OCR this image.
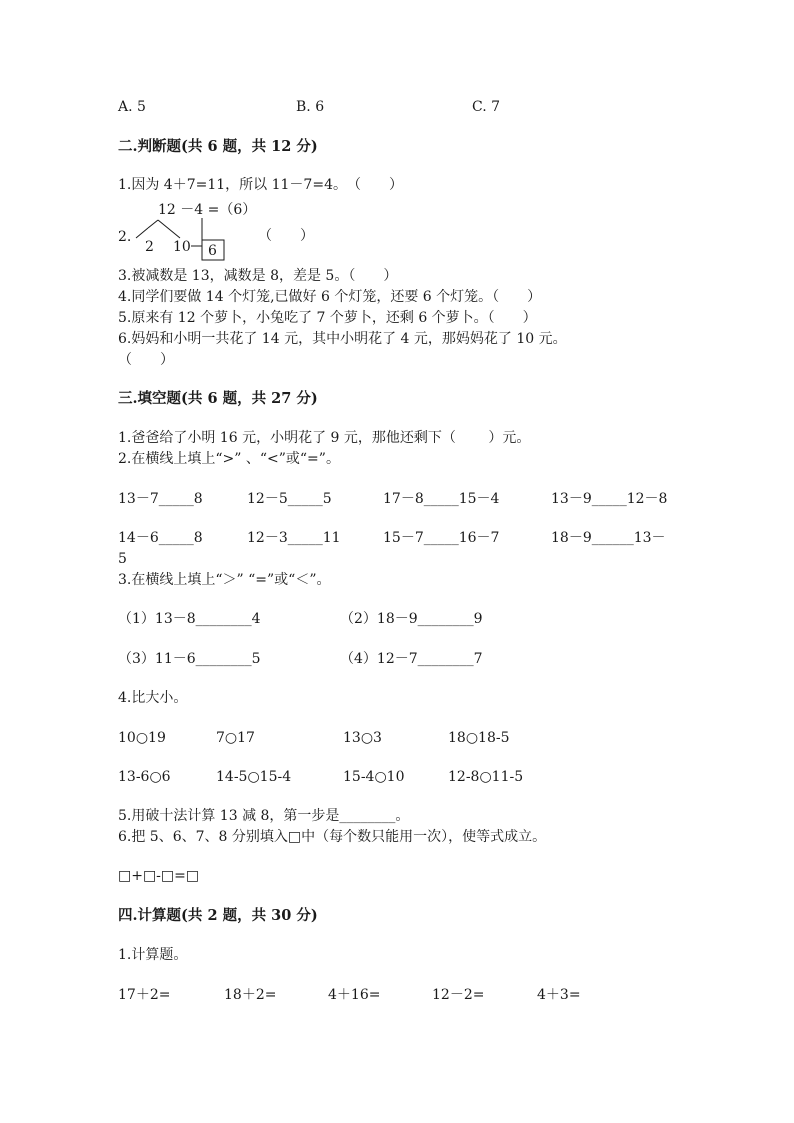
A. 5	B. 6	C. 7
二.判断题(共 6 题，共 12 分)
1.因为 4＋7=11，所以 11－7=4。　（　　）
12 －4 =（6）
2 10 6
2.	（　　）
3.被减数是 13，减数是 8，差是 5。（　　）
4.同学们要做 14 个灯笼,已做好 6 个灯笼，还要 6 个灯笼。（　　）
5.原来有 12 个萝卜，小兔吃了 7 个萝卜，还剩 6 个萝卜。（　　）
6.妈妈和小明一共花了 14 元，其中小明花了 4 元，那妈妈花了 10 元。
（　　）
三.填空题(共 6 题，共 27 分)
1.爸爸给了小明 16 元，小明花了 9 元，那他还剩下（　　 ）元。
2.在横线上填上“>” 、“<”或“=”。
13－7_____8	12－5_____5	17－8_____15－4	13－9_____12－8
14－6_____8	12－3_____11	15－7_____16－7	18－9______13－
5
3.在横线上填上“＞” “=”或“＜”。
（1）13－8________4	（2）18－9________9
（3）11－6________5	（4）12－7________7
4.比大小。
10○19	7○17	13○3	18○18-5
13-6○6	14-5○15-4	15-4○10	12-8○11-5
5.用破十法计算 13 减 8，第一步是________。
6.把 5、6、7、8 分别填入□中（每个数只能用一次），使等式成立。
□+□-□=□
四.计算题(共 2 题，共 30 分)
1.计算题。
17＋2=	18＋2=	4＋16=	12－2=	4＋3=
